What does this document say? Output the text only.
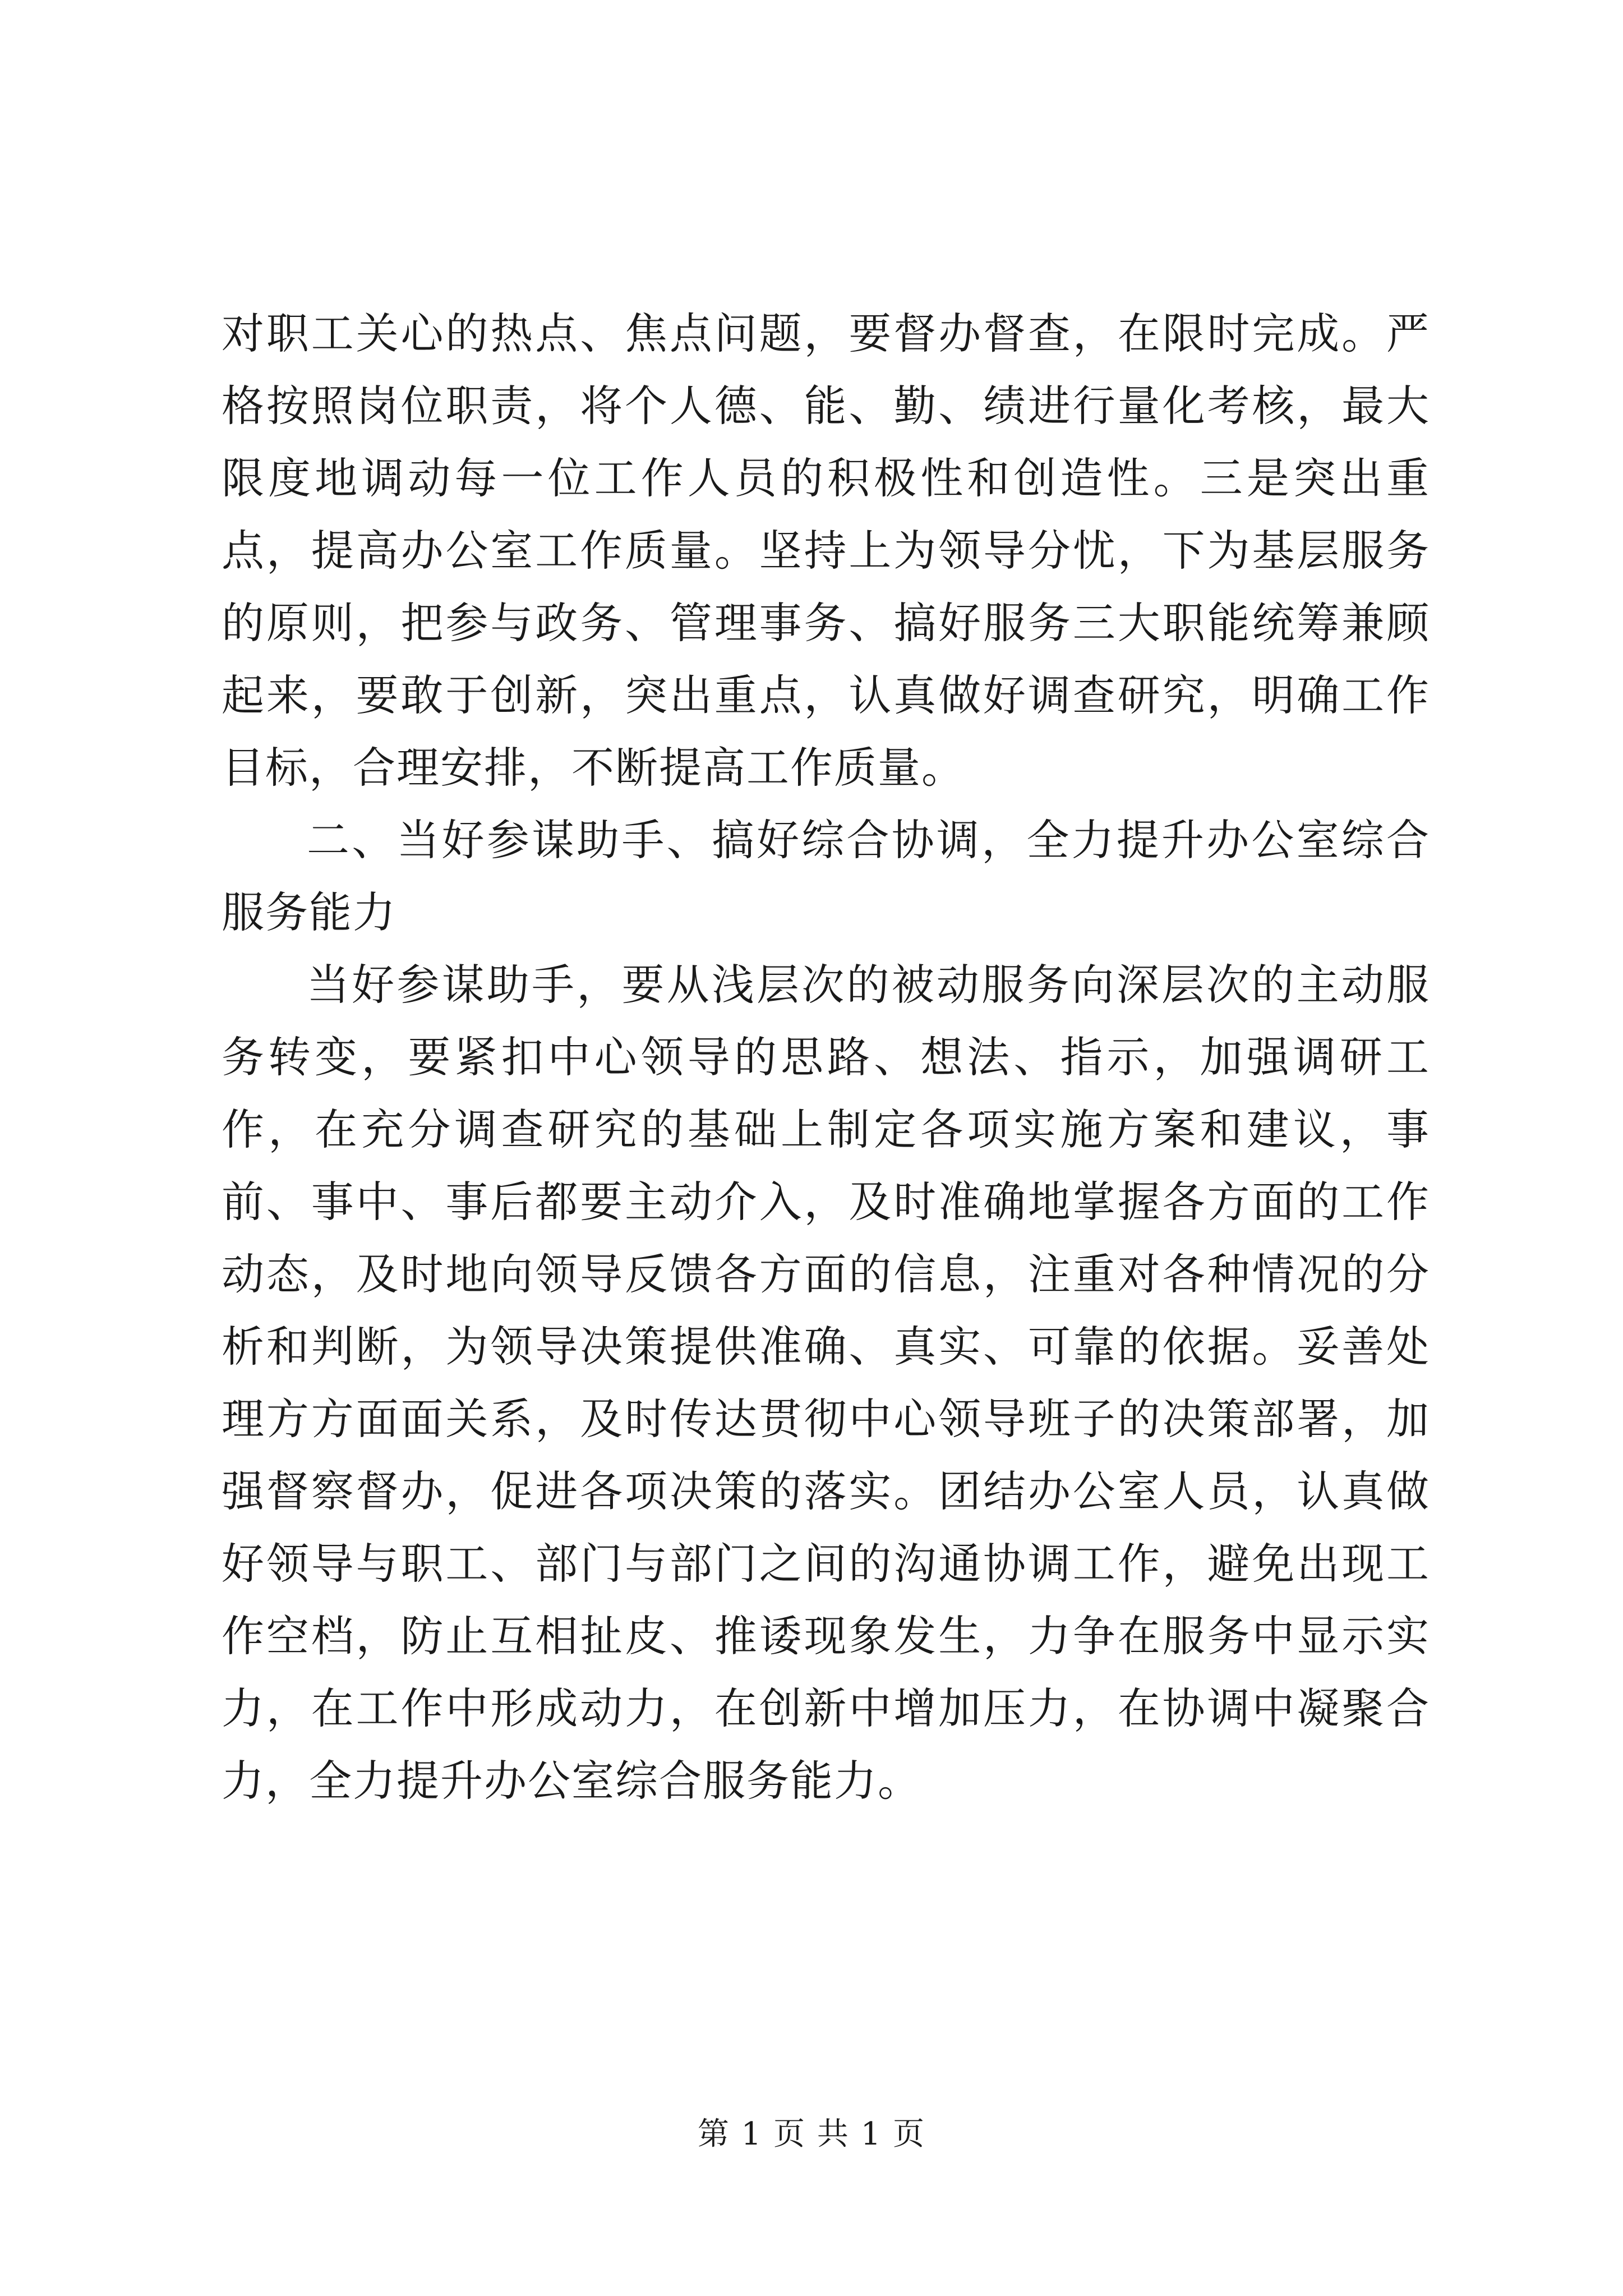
对职工关心的热点、焦点问题，要督办督查，在限时完成。严格按照岗位职责，将个人德、能、勤、绩进行量化考核，最大限度地调动每一位工作人员的积极性和创造性。三是突出重点，提高办公室工作质量。坚持上为领导分忧，下为基层服务的原则，把参与政务、管理事务、搞好服务三大职能统筹兼顾起来，要敢于创新，突出重点，认真做好调查研究，明确工作目标，合理安排，不断提高工作质量。

二、当好参谋助手、搞好综合协调，全力提升办公室综合服务能力

当好参谋助手，要从浅层次的被动服务向深层次的主动服务转变，要紧扣中心领导的思路、想法、指示，加强调研工作，在充分调查研究的基础上制定各项实施方案和建议，事前、事中、事后都要主动介入，及时准确地掌握各方面的工作动态，及时地向领导反馈各方面的信息，注重对各种情况的分析和判断，为领导决策提供准确、真实、可靠的依据。妥善处理方方面面关系，及时传达贯彻中心领导班子的决策部署，加强督察督办，促进各项决策的落实。团结办公室人员，认真做好领导与职工、部门与部门之间的沟通协调工作，避免出现工作空档，防止互相扯皮、推诿现象发生，力争在服务中显示实力，在工作中形成动力，在创新中增加压力，在协调中凝聚合力，全力提升办公室综合服务能力。

第 1 页 共 1 页
